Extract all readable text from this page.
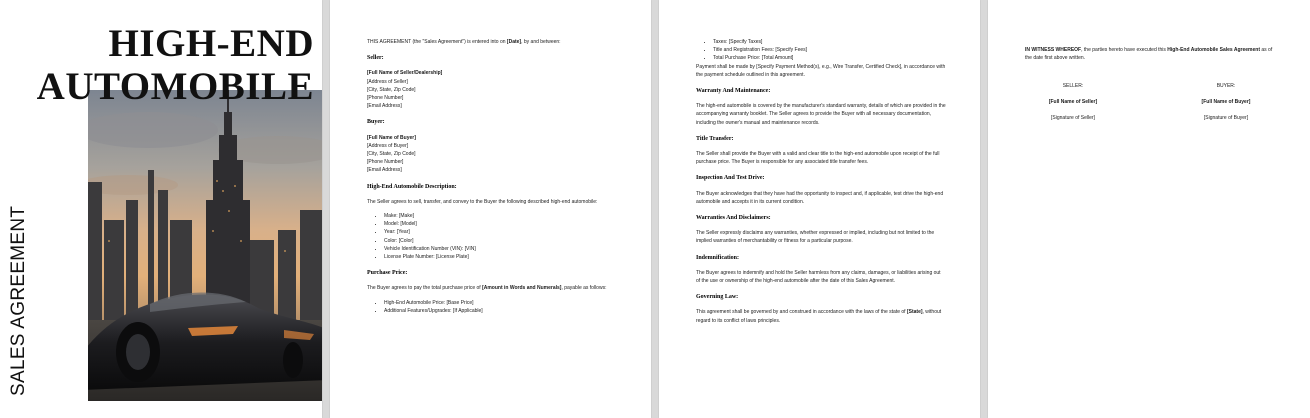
HIGH-END
AUTOMOBILE
SALES AGREEMENT

THIS AGREEMENT (the "Sales Agreement") is entered into on [Date], by and between:

Seller:
[Full Name of Seller/Dealership]
[Address of Seller]
[City, State, Zip Code]
[Phone Number]
[Email Address]
Buyer:
[Full Name of Buyer]
[Address of Buyer]
[City, State, Zip Code]
[Phone Number]
[Email Address]
High-End Automobile Description:

The Seller agrees to sell, transfer, and convey to the Buyer the following described high-end automobile:

• Make: [Make]
• Model: [Model]
• Year: [Year]
• Color: [Color]
• Vehicle Identification Number (VIN): [VIN]
• License Plate Number: [License Plate]
Purchase Price:

The Buyer agrees to pay the total purchase price of [Amount in Words and Numerals], payable as follows:

• High-End Automobile Price: [Base Price]
• Additional Features/Upgrades: [If Applicable]
• Taxes: [Specify Taxes]
• Title and Registration Fees: [Specify Fees]
• Total Purchase Price: [Total Amount]

Payment shall be made by [Specify Payment Method(s), e.g., Wire Transfer, Certified Check], in accordance with the payment schedule outlined in this agreement.

Warranty And Maintenance:

The high-end automobile is covered by the manufacturer's standard warranty, details of which are provided in the accompanying warranty booklet. The Seller agrees to provide the Buyer with all necessary documentation, including the owner's manual and maintenance records.

Title Transfer:

The Seller shall provide the Buyer with a valid and clear title to the high-end automobile upon receipt of the full purchase price. The Buyer is responsible for any associated title transfer fees.

Inspection And Test Drive:

The Buyer acknowledges that they have had the opportunity to inspect and, if applicable, test drive the high-end automobile and accepts it in its current condition.

Warranties And Disclaimers:

The Seller expressly disclaims any warranties, whether expressed or implied, including but not limited to the implied warranties of merchantability or fitness for a particular purpose.

Indemnification:

The Buyer agrees to indemnify and hold the Seller harmless from any claims, damages, or liabilities arising out of the use or ownership of the high-end automobile after the date of this Sales Agreement.

Governing Law:

This agreement shall be governed by and construed in accordance with the laws of the state of [State], without regard to its conflict of laws principles.

IN WITNESS WHEREOF, the parties hereto have executed this High-End Automobile Sales Agreement as of the date first above written.
SELLER:
[Full Name of Seller]
[Signature of Seller]
BUYER:
[Full Name of Buyer]
[Signature of Buyer]
